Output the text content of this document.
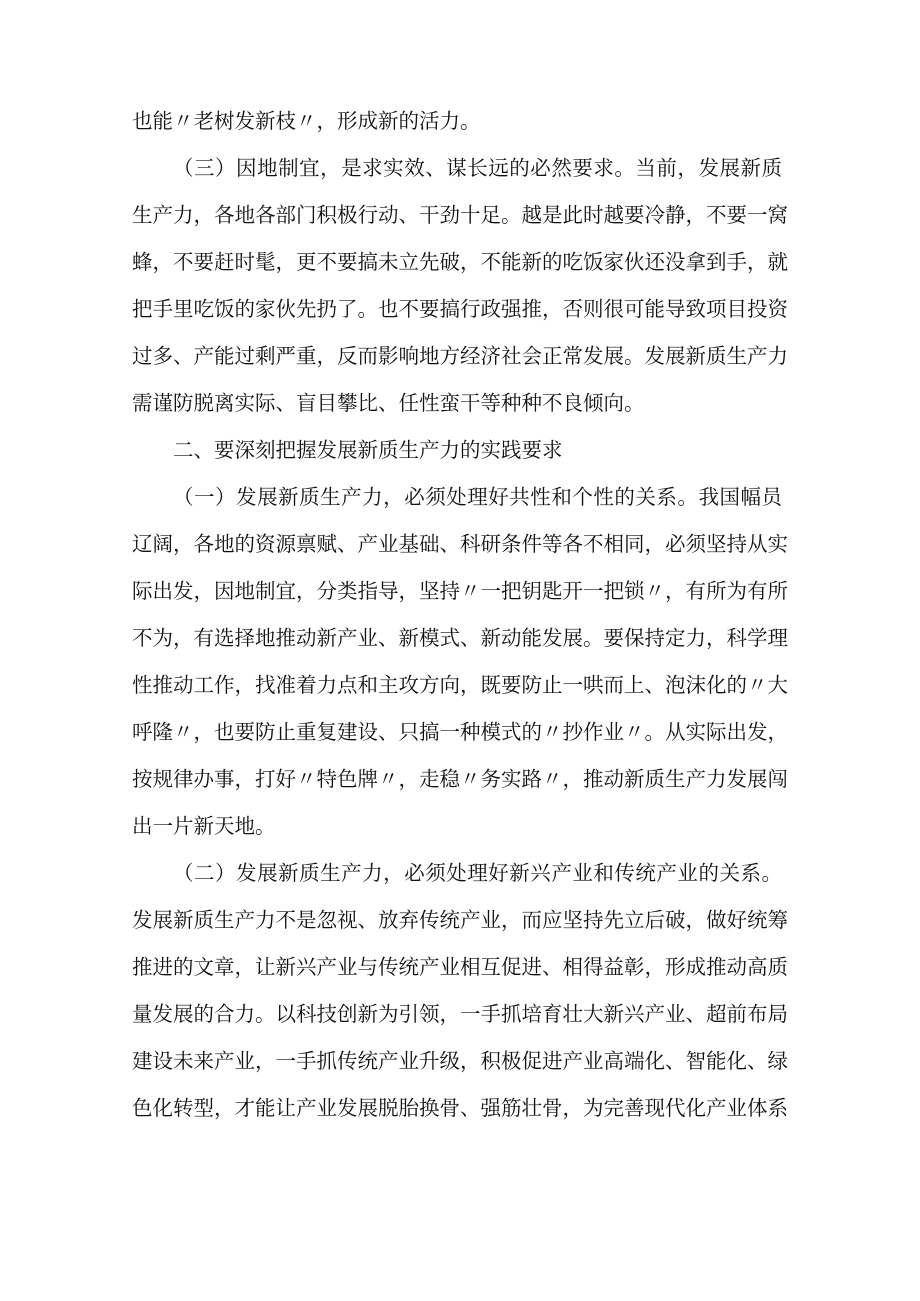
也能〃老树发新枝〃，形成新的活力。
（三）因地制宜，是求实效、谋长远的必然要求。当前，发展新质
生产力，各地各部门积极行动、干劲十足。越是此时越要冷静，不要一窝
蜂，不要赶时髦，更不要搞未立先破，不能新的吃饭家伙还没拿到手，就
把手里吃饭的家伙先扔了。也不要搞行政强推，否则很可能导致项目投资
过多、产能过剩严重，反而影响地方经济社会正常发展。发展新质生产力
需谨防脱离实际、盲目攀比、任性蛮干等种种不良倾向。
二、要深刻把握发展新质生产力的实践要求
（一）发展新质生产力，必须处理好共性和个性的关系。我国幅员
辽阔，各地的资源禀赋、产业基础、科研条件等各不相同，必须坚持从实
际出发，因地制宜，分类指导，坚持〃一把钥匙开一把锁〃，有所为有所
不为，有选择地推动新产业、新模式、新动能发展。要保持定力，科学理
性推动工作，找准着力点和主攻方向，既要防止一哄而上、泡沫化的〃大
呼隆〃，也要防止重复建设、只搞一种模式的〃抄作业〃。从实际出发，
按规律办事，打好〃特色牌〃，走稳〃务实路〃，推动新质生产力发展闯
出一片新天地。
（二）发展新质生产力，必须处理好新兴产业和传统产业的关系。
发展新质生产力不是忽视、放弃传统产业，而应坚持先立后破，做好统筹
推进的文章，让新兴产业与传统产业相互促进、相得益彰，形成推动高质
量发展的合力。以科技创新为引领，一手抓培育壮大新兴产业、超前布局
建设未来产业，一手抓传统产业升级，积极促进产业高端化、智能化、绿
色化转型，才能让产业发展脱胎换骨、强筋壮骨，为完善现代化产业体系
